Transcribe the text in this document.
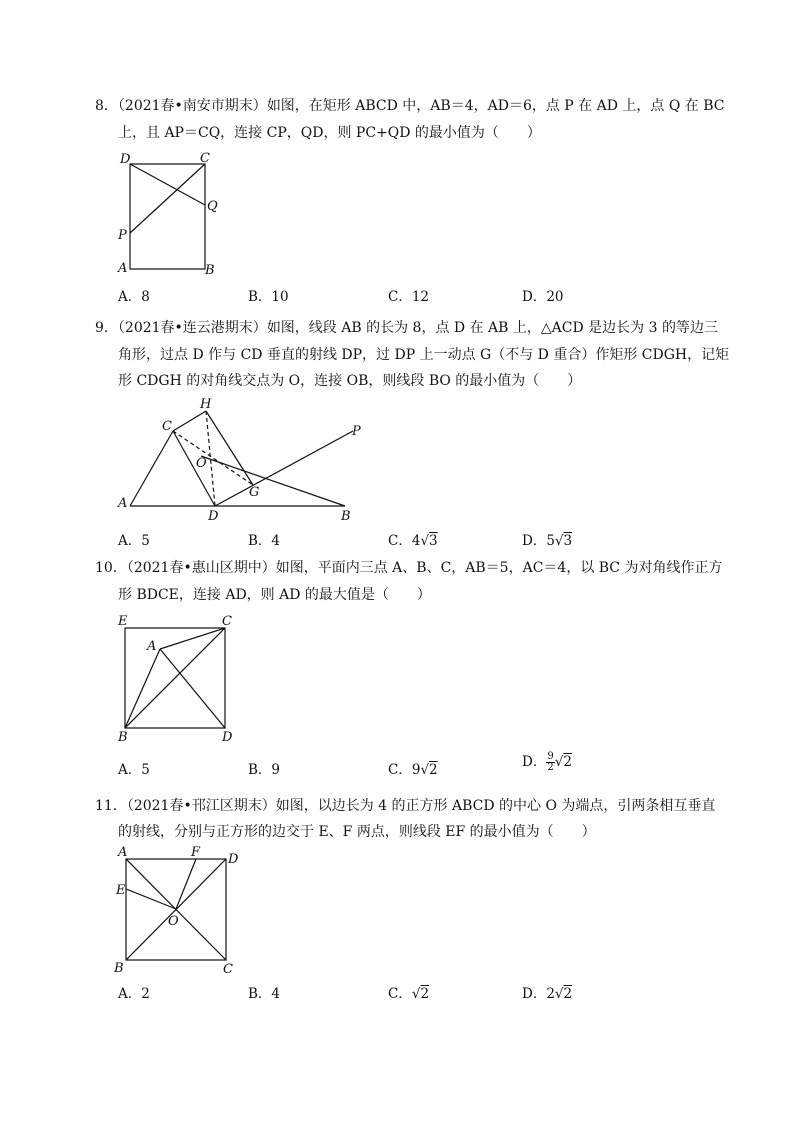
8．（2021春•南安市期末）如图，在矩形 ABCD 中，AB＝4，AD＝6，点 P 在 AD 上，点 Q 在 BC
上，且 AP＝CQ，连接 CP，QD，则 PC+QD 的最小值为（　　）
D	C
Q
P
A	B
A．8	B．10	C．12	D．20
9．（2021春•连云港期末）如图，线段 AB 的长为 8，点 D 在 AB 上，△ACD 是边长为 3 的等边三
角形，过点 D 作与 CD 垂直的射线 DP，过 DP 上一动点 G（不与 D 重合）作矩形 CDGH，记矩
形 CDGH 的对角线交点为 O，连接 OB，则线段 BO 的最小值为（　　）
H
C	P
O
G
A
D	B
A．5	B．4	C．4√3	D．5√3
10．（2021春•惠山区期中）如图，平面内三点 A、B、C，AB＝5，AC＝4，以 BC 为对角线作正方
形 BDCE，连接 AD，则 AD 的最大值是（　　）
E	C
A
B	D
A．5	B．9	C．9√2	D． $\frac{9}{2} √2$
11．（2021春•邗江区期末）如图，以边长为 4 的正方形 ABCD 的中心 O 为端点，引两条相互垂直
的射线，分别与正方形的边交于 E、F 两点，则线段 EF 的最小值为（　　）
A	F D
E
O
B	C
A．2	B．4	C．√2	D．2√2
